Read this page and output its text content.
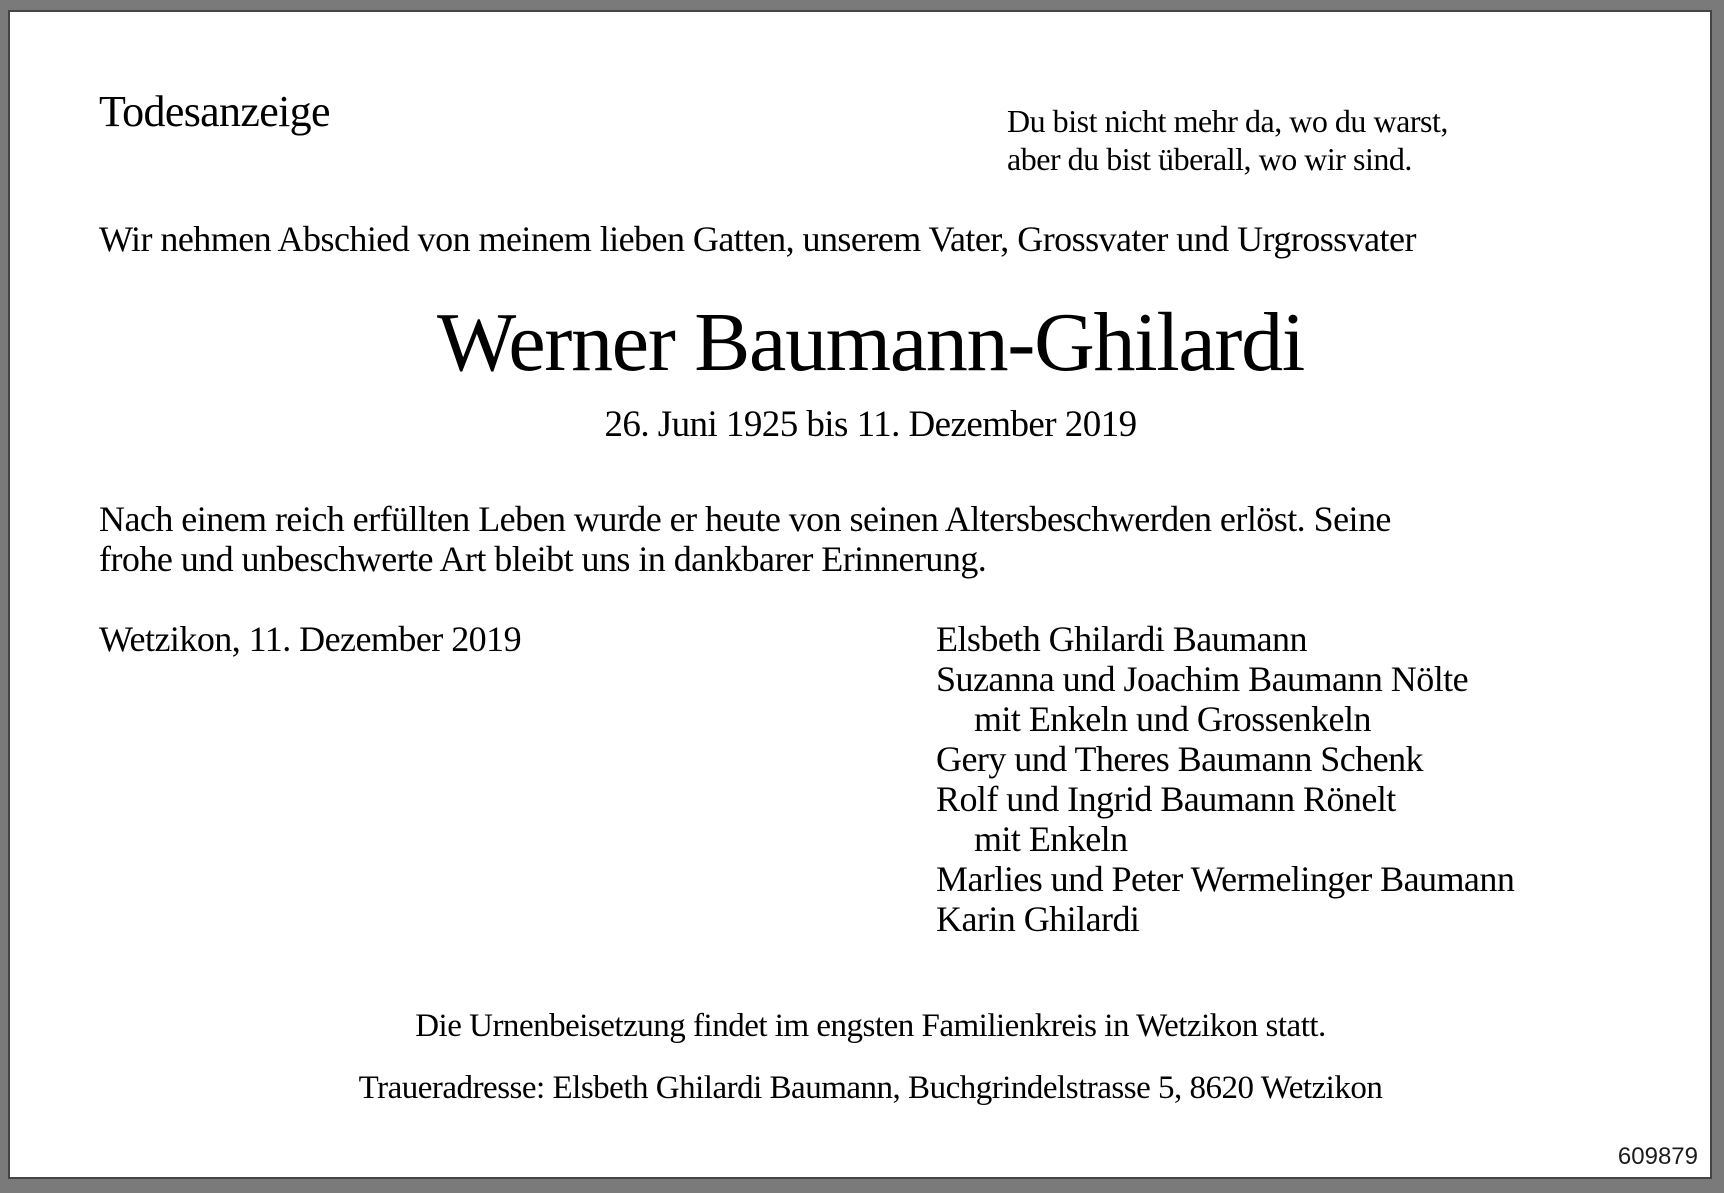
Todesanzeige	Du bist nicht mehr da, wo du warst,
aber du bist überall, wo wir sind.
Wir nehmen Abschied von meinem lieben Gatten, unserem Vater, Grossvater und Urgrossvater
Werner Baumann-Ghilardi
26. Juni 1925 bis 11. Dezember 2019
Nach einem reich erfüllten Leben wurde er heute von seinen Altersbeschwerden erlöst. Seine
frohe und unbeschwerte Art bleibt uns in dankbarer Erinnerung.
Wetzikon, 11. Dezember 2019	Elsbeth Ghilardi Baumann
Suzanna und Joachim Baumann Nölte
mit Enkeln und Grossenkeln
Gery und Theres Baumann Schenk
Rolf und Ingrid Baumann Rönelt
mit Enkeln
Marlies und Peter Wermelinger Baumann
Karin Ghilardi
Die Urnenbeisetzung findet im engsten Familienkreis in Wetzikon statt.
Traueradresse: Elsbeth Ghilardi Baumann, Buchgrindelstrasse 5, 8620 Wetzikon
609879
